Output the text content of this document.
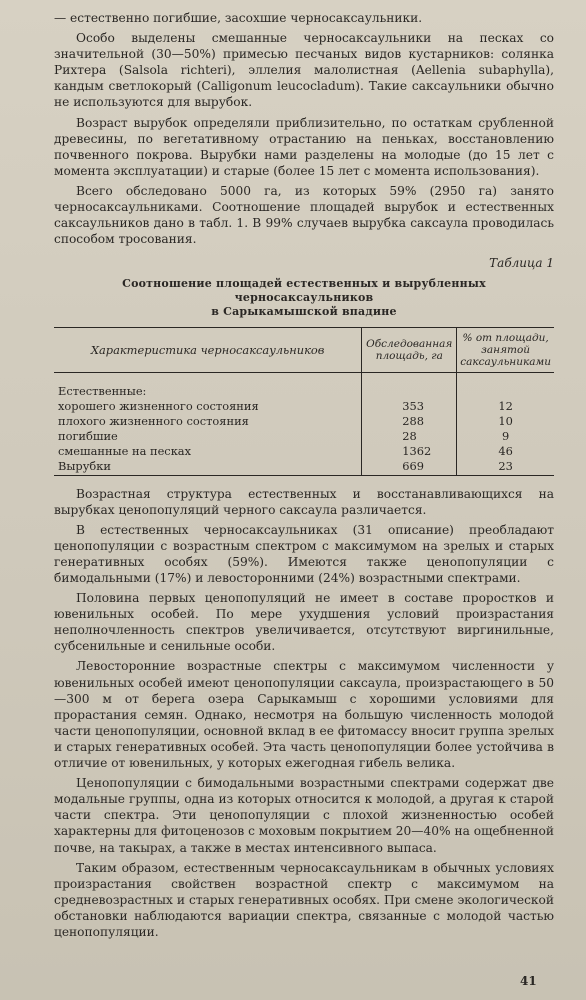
— естественно погибшие, засохшие черносаксаульники.

Особо выделены смешанные черносаксаульники на песках со значительной (30—50%) примесью песчаных видов кустарников: солянка Рихтера (Salsola richteri), эллелия малолистная (Aellenia subaphylla), кандым светлокорый (Calligonum leucocladum). Такие саксаульники обычно не используются для вырубок.

Возраст вырубок определяли приблизительно, по остаткам срубленной древесины, по вегетативному отрастанию на пеньках, восстановлению почвенного покрова. Вырубки нами разделены на молодые (до 15 лет с момента эксплуатации) и старые (более 15 лет с момента использования).

Всего обследовано 5000 га, из которых 59% (2950 га) занято черносаксаульниками. Соотношение площадей вырубок и естественных саксаульников дано в табл. 1. В 99% случаев вырубка саксаула проводилась способом тросования.

Таблица 1
Соотношение площадей естественных и вырубленных черносаксаульников
в Сарыкамышской впадине
Характеристика черносаксаульников	Обследованная площадь, га	% от площади, занятой саксаульниками
Естественные:		
хорошего жизненного состояния	353	12
плохого жизненного состояния	288	10
погибшие	28	9
смешанные на песках	1362	46
Вырубки	669	23

Возрастная структура естественных и восстанавливающихся на вырубках ценопопуляций черного саксаула различается.

В естественных черносаксаульниках (31 описание) преобладают ценопопуляции с возрастным спектром с максимумом на зрелых и старых генеративных особях (59%). Имеются также ценопопуляции с бимодальными (17%) и левосторонними (24%) возрастными спектрами.

Половина первых ценопопуляций не имеет в составе проростков и ювенильных особей. По мере ухудшения условий произрастания неполночленность спектров увеличивается, отсутствуют виргинильные, субсенильные и сенильные особи.

Левосторонние возрастные спектры с максимумом численности у ювенильных особей имеют ценопопуляции саксаула, произрастающего в 50—300 м от берега озера Сарыкамыш с хорошими условиями для прорастания семян. Однако, несмотря на большую численность молодой части ценопопуляции, основной вклад в ее фитомассу вносит группа зрелых и старых генеративных особей. Эта часть ценопопуляции более устойчива в отличие от ювенильных, у которых ежегодная гибель велика.

Ценопопуляции с бимодальными возрастными спектрами содержат две модальные группы, одна из которых относится к молодой, а другая к старой части спектра. Эти ценопопуляции с плохой жизненностью особей характерны для фитоценозов с моховым покрытием 20—40% на ощебненной почве, на такырах, а также в местах интенсивного выпаса.

Таким образом, естественным черносаксаульникам в обычных условиях произрастания свойствен возрастной спектр с максимумом на средневозрастных и старых генеративных особях. При смене экологической обстановки наблюдаются вариации спектра, связанные с молодой частью ценопопуляции.

41
